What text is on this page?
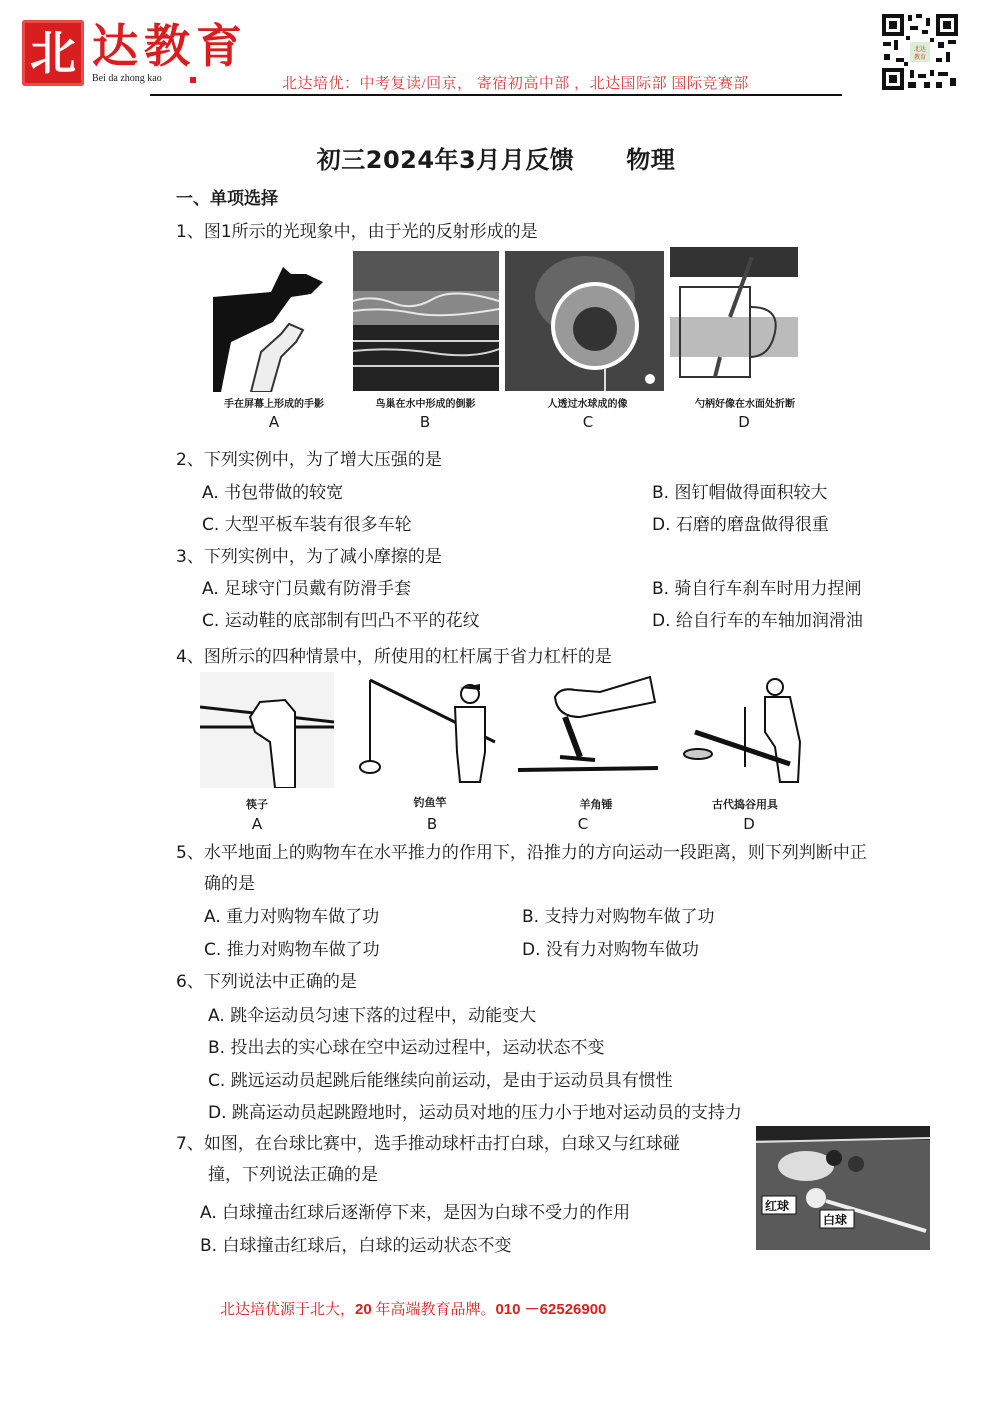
北 达教育
Bei da zhong kao	北达培优：中考复读/回京， 寄宿初高中部 ，北达国际部 国际竞赛部
北达
教育
初三2024年3月月反馈 物理
一、单项选择
1、图1所示的光现象中，由于光的反射形成的是
手在屏幕上形成的手影	鸟巢在水中形成的倒影	人透过水球成的像	勺柄好像在水面处折断
A	B	C	D
2、下列实例中，为了增大压强的是
A. 书包带做的较宽	B. 图钉帽做得面积较大
C. 大型平板车装有很多车轮	D. 石磨的磨盘做得很重
3、下列实例中，为了减小摩擦的是
A. 足球守门员戴有防滑手套	B. 骑自行车刹车时用力捏闸
C. 运动鞋的底部制有凹凸不平的花纹	D. 给自行车的车轴加润滑油
4、图所示的四种情景中，所使用的杠杆属于省力杠杆的是
筷子	钓鱼竿	羊角锤	古代捣谷用具
A	B	C	D
5、水平地面上的购物车在水平推力的作用下，沿推力的方向运动一段距离，则下列判断中正
确的是
A. 重力对购物车做了功	B. 支持力对购物车做了功
C. 推力对购物车做了功	D. 没有力对购物车做功
6、下列说法中正确的是
A. 跳伞运动员匀速下落的过程中，动能变大
B. 投出去的实心球在空中运动过程中，运动状态不变
C. 跳远运动员起跳后能继续向前运动，是由于运动员具有惯性
D. 跳高运动员起跳蹬地时，运动员对地的压力小于地对运动员的支持力
7、如图，在台球比赛中，选手推动球杆击打白球，白球又与红球碰
撞，下列说法正确的是
A. 白球撞击红球后逐渐停下来，是因为白球不受力的作用
B. 白球撞击红球后，白球的运动状态不变
红球
白球
北达培优源于北大，20 年高端教育品牌。010 －62526900
